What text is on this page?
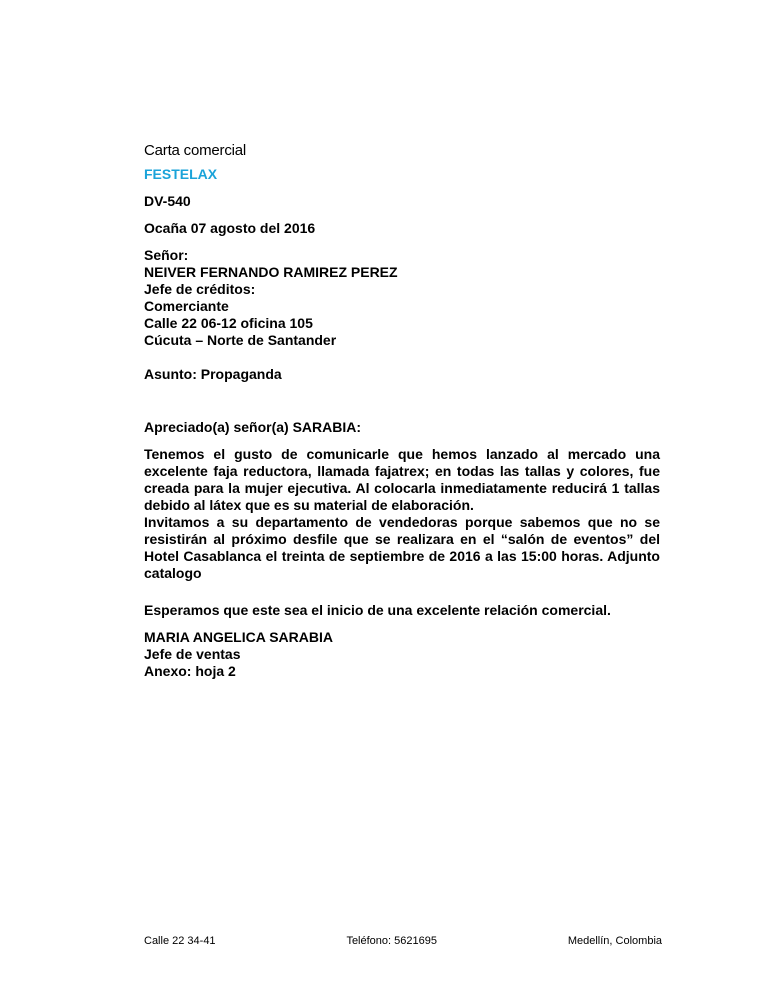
Carta comercial
FESTELAX
DV-540
Ocaña 07 agosto del 2016
Señor:
NEIVER FERNANDO RAMIREZ PEREZ
Jefe de créditos:
Comerciante
Calle 22 06-12 oficina 105
Cúcuta – Norte de Santander
Asunto: Propaganda
Apreciado(a) señor(a) SARABIA:

Tenemos el gusto de comunicarle que hemos lanzado al mercado una excelente faja reductora, llamada fajatrex; en todas las tallas y colores, fue creada para la mujer ejecutiva. Al colocarla inmediatamente reducirá 1 tallas debido al látex que es su material de elaboración.

Invitamos a su departamento de vendedoras porque sabemos que no se resistirán al próximo desfile que se realizara en el “salón de eventos” del Hotel Casablanca el treinta de septiembre de 2016 a las 15:00 horas. Adjunto catalogo

Esperamos que este sea el inicio de una excelente relación comercial.
MARIA ANGELICA SARABIA
Jefe de ventas
Anexo: hoja 2
Calle 22 34-41	Teléfono: 5621695	Medellín, Colombia
